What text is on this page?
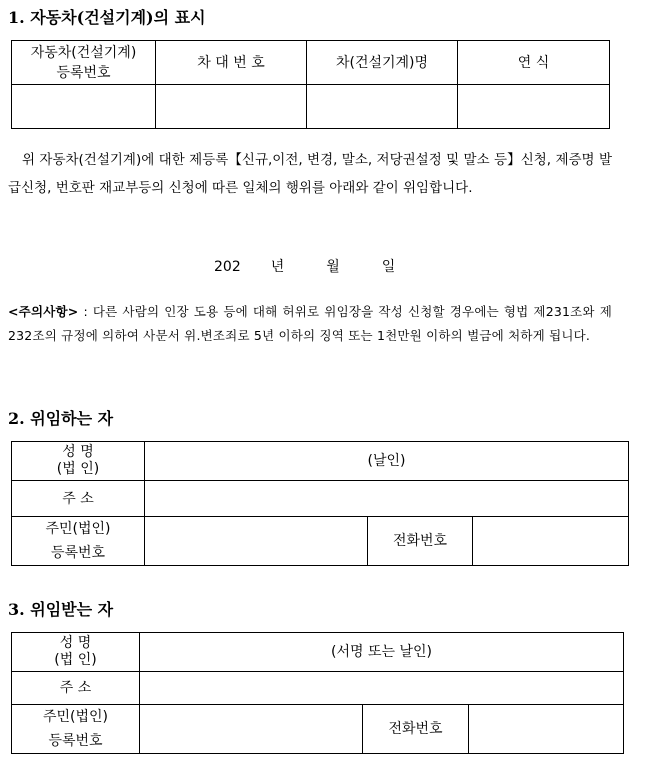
1. 자동차(건설기계)의 표시
자동차(건설기계)
등록번호	차 대 번 호	차(건설기계)명	연 식

위 자동차(건설기계)에 대한 제등록【신규,이전, 변경, 말소, 저당권설정 및 말소 등】신청, 제증명 발급신청, 번호판 재교부등의 신청에 따른 일체의 행위를 아래와 같이 위임합니다.

202 년	월	일

<주의사항> : 다른 사람의 인장 도용 등에 대해 허위로 위임장을 작성 신청할 경우에는 형법 제231조와 제232조의 규정에 의하여 사문서 위.변조죄로 5년 이하의 징역 또는 1천만원 이하의 벌금에 처하게 됩니다.

2. 위임하는 자
성 명
(법 인)	(날인)		
주 소			

주민(법인)
등록번호		전화번호	
3. 위임받는 자
성 명
(법 인)	(서명 또는 날인)		
주 소			

주민(법인)
등록번호		전화번호	
